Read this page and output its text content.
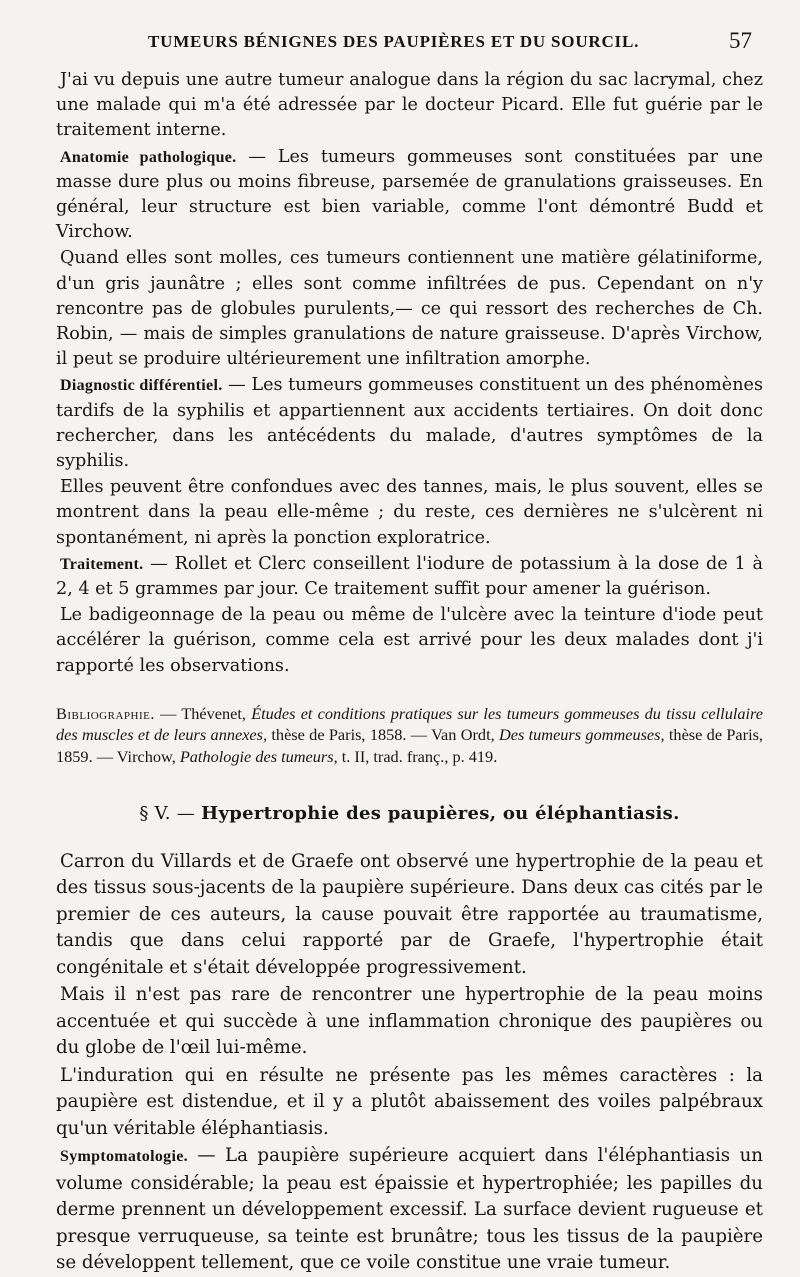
TUMEURS BÉNIGNES DES PAUPIÈRES ET DU SOURCIL.	57

J'ai vu depuis une autre tumeur analogue dans la région du sac lacrymal, chez une malade qui m'a été adressée par le docteur Picard. Elle fut guérie par le traitement interne.

Anatomie pathologique. — Les tumeurs gommeuses sont constituées par une masse dure plus ou moins fibreuse, parsemée de granulations graisseuses. En général, leur structure est bien variable, comme l'ont démontré Budd et Virchow.

Quand elles sont molles, ces tumeurs contiennent une matière gélatiniforme, d'un gris jaunâtre ; elles sont comme infiltrées de pus. Cependant on n'y rencontre pas de globules purulents,— ce qui ressort des recherches de Ch. Robin, — mais de simples granulations de nature graisseuse. D'après Virchow, il peut se produire ultérieurement une infiltration amorphe.

Diagnostic différentiel. — Les tumeurs gommeuses constituent un des phénomènes tardifs de la syphilis et appartiennent aux accidents tertiaires. On doit donc rechercher, dans les antécédents du malade, d'autres symptômes de la syphilis.

Elles peuvent être confondues avec des tannes, mais, le plus souvent, elles se montrent dans la peau elle-même ; du reste, ces dernières ne s'ulcèrent ni spontanément, ni après la ponction exploratrice.

Traitement. — Rollet et Clerc conseillent l'iodure de potassium à la dose de 1 à 2, 4 et 5 grammes par jour. Ce traitement suffit pour amener la guérison.

Le badigeonnage de la peau ou même de l'ulcère avec la teinture d'iode peut accélérer la guérison, comme cela est arrivé pour les deux malades dont j'i rapporté les observations.

Bibliographie. — Thévenet, Études et conditions pratiques sur les tumeurs gommeuses du tissu cellulaire des muscles et de leurs annexes, thèse de Paris, 1858. — Van Ordt, Des tumeurs gommeuses, thèse de Paris, 1859. — Virchow, Pathologie des tumeurs, t. II, trad. franç., p. 419.

§ V. — Hypertrophie des paupières, ou éléphantiasis.

Carron du Villards et de Graefe ont observé une hypertrophie de la peau et des tissus sous-jacents de la paupière supérieure. Dans deux cas cités par le premier de ces auteurs, la cause pouvait être rapportée au traumatisme, tandis que dans celui rapporté par de Graefe, l'hypertrophie était congénitale et s'était développée progressivement.

Mais il n'est pas rare de rencontrer une hypertrophie de la peau moins accentuée et qui succède à une inflammation chronique des paupières ou du globe de l'œil lui-même.

L'induration qui en résulte ne présente pas les mêmes caractères : la paupière est distendue, et il y a plutôt abaissement des voiles palpébraux qu'un véritable éléphantiasis.

Symptomatologie. — La paupière supérieure acquiert dans l'éléphantiasis un volume considérable; la peau est épaissie et hypertrophiée; les papilles du derme prennent un développement excessif. La surface devient rugueuse et presque verruqueuse, sa teinte est brunâtre; tous les tissus de la paupière se développent tellement, que ce voile constitue une vraie tumeur.
